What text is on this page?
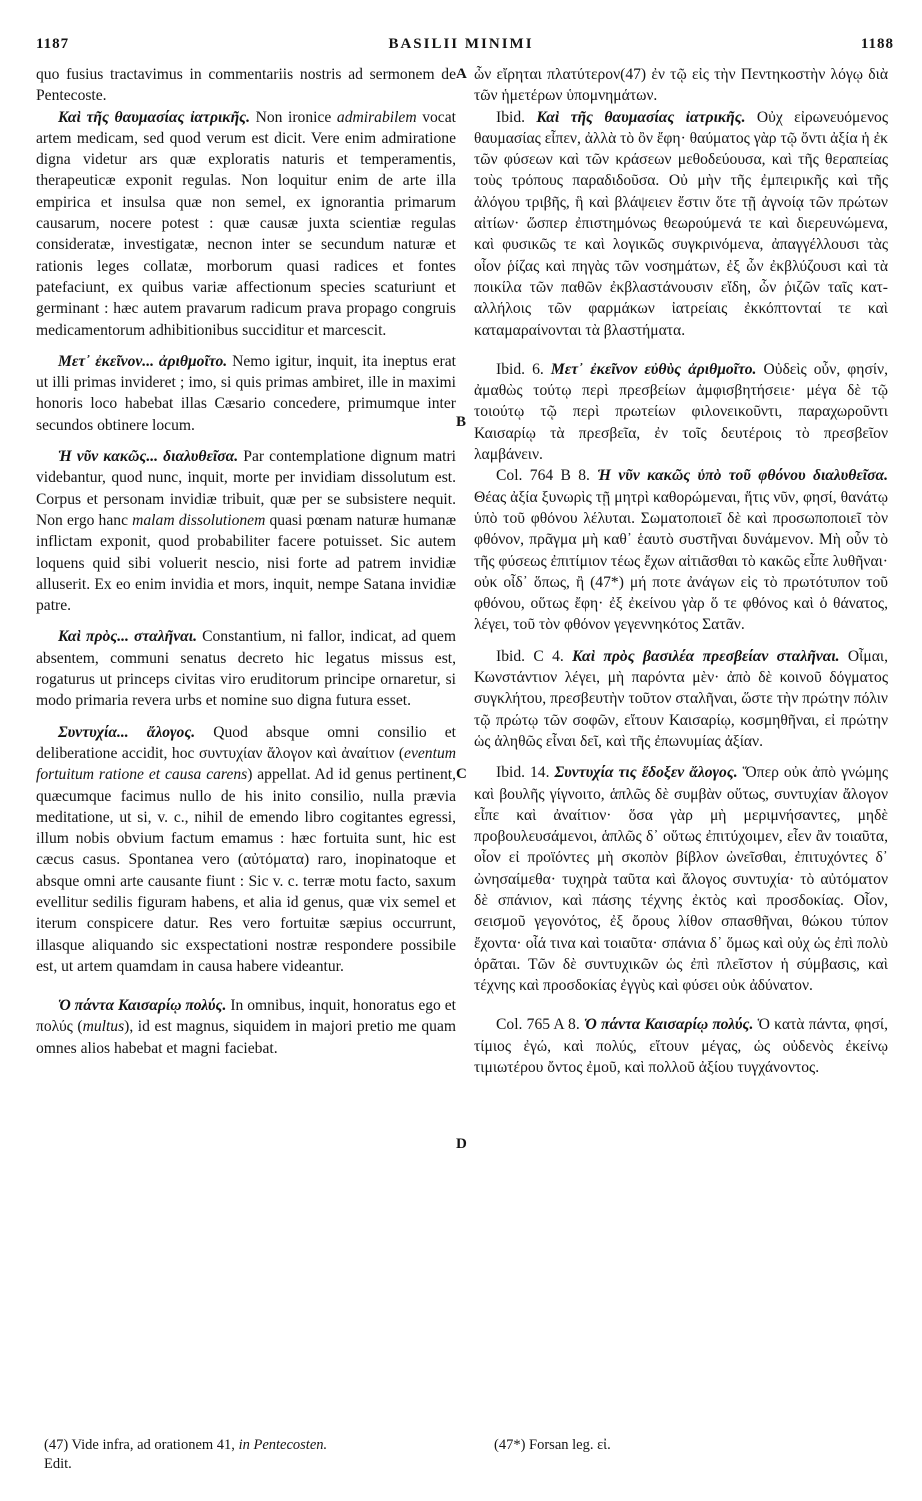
1187	BASILII MINIMI	1188
A
B
C
D

quo fusius tractavimus in commentariis nostris ad sermonem de Pentecoste.

Καὶ τῆς θαυμασίας ἰατρικῆς. Non ironice admirabilem vocat artem medicam, sed quod verum est dicit. Vere enim admiratione digna videtur ars quæ exploratis naturis et temperamentis, therapeuticæ exponit regulas. Non loquitur enim de arte illa empirica et insulsa quæ non semel, ex ignorantia primarum causarum, nocere potest : quæ causæ juxta scientiæ regulas consideratæ, investigatæ, necnon inter se secundum naturæ et rationis leges collatæ, morborum quasi radices et fontes patefaciunt, ex quibus variæ affectionum species scaturiunt et germinant : hæc autem pravarum radicum prava propago congruis medicamentorum adhibitionibus succiditur et marcescit.

Μετ᾽ ἐκεῖνον... ἀριθμοῖτο. Nemo igitur, inquit, ita ineptus erat ut illi primas invideret ; imo, si quis primas ambiret, ille in maximi honoris loco habebat illas Cæsario concedere, primumque inter secundos obtinere locum.

Ἡ νῦν κακῶς... διαλυθεῖσα. Par contemplatione dignum matri videbantur, quod nunc, inquit, morte per invidiam dissolutum est. Corpus et personam invidiæ tribuit, quæ per se subsistere nequit. Non ergo hanc malam dissolutionem quasi pœnam naturæ humanæ inflictam exponit, quod probabiliter facere potuisset. Sic autem loquens quid sibi voluerit nescio, nisi forte ad patrem invidiæ alluserit. Ex eo enim invidia et mors, inquit, nempe Satana invidiæ patre.

Καὶ πρὸς... σταλῆναι. Constantium, ni fallor, indicat, ad quem absentem, communi senatus decreto hic legatus missus est, rogaturus ut princeps civitas viro eruditorum principe ornaretur, si modo primaria revera urbs et nomine suo digna futura esset.

Συντυχία... ἄλογος. Quod absque omni consilio et deliberatione accidit, hoc συντυχίαν ἄλογον καὶ ἀναίτιον (eventum fortuitum ratione et causa carens) appellat. Ad id genus pertinent, quæcumque facimus nullo de his inito consilio, nulla prævia meditatione, ut si, v. c., nihil de emendo libro cogitantes egressi, illum nobis obvium factum emamus : hæc fortuita sunt, hic est cæcus casus. Spontanea vero (αὐτόματα) raro, inopinatoque et absque omni arte causante fiunt : Sic v. c. terræ motu facto, saxum evellitur sedilis figuram habens, et alia id genus, quæ vix semel et iterum conspicere datur. Res vero fortuitæ sæpius occurrunt, illasque aliquando sic exspectationi nostræ respondere possibile est, ut artem quamdam in causa habere videantur.

Ὁ πάντα Καισαρίῳ πολύς. In omnibus, inquit, honoratus ego et πολύς (multus), id est magnus, siquidem in majori pretio me quam omnes alios habebat et magni faciebat.

ὧν εἴρηται πλατύτερον(47) ἐν τῷ εἰς τὴν Πεντηκοστὴν λόγῳ διὰ τῶν ἡμετέρων ὑπομνημάτων.

Ibid. Καὶ τῆς θαυμασίας ἰατρικῆς. Οὐχ εἰρωνευόμενος θαυμασίας εἶπεν, ἀλλὰ τὸ ὂν ἔφη· θαύματος γὰρ τῷ ὄντι ἀξία ἡ ἐκ τῶν φύσεων καὶ τῶν κράσεων μεθοδεύουσα, καὶ τῆς θεραπείας τοὺς τρόπους παραδιδοῦσα. Οὐ μὴν τῆς ἐμπειρικῆς καὶ τῆς ἀλόγου τριβῆς, ἣ καὶ βλάψειεν ἔστιν ὅτε τῇ ἀγνοίᾳ τῶν πρώτων αἰτίων· ὥσπερ ἐπιστημόνως θεωρούμενά τε καὶ διερευνώμενα, καὶ φυσικῶς τε καὶ λογικῶς συγκρινόμενα, ἀπαγγέλλουσι τὰς οἷον ῥίζας καὶ πηγὰς τῶν νοσημάτων, ἐξ ὧν ἐκβλύζουσι καὶ τὰ ποικίλα τῶν παθῶν ἐκβλαστάνουσιν εἴδη, ὧν ῥιζῶν ταῖς κατ-αλλήλοις τῶν φαρμάκων ἰατρείαις ἐκκόπτονταί τε καὶ καταμαραίνονται τὰ βλαστήματα.

Ibid. 6. Μετ᾽ ἐκεῖνον εὐθὺς ἀριθμοῖτο. Οὐδεὶς οὖν, φησίν, ἀμαθὼς τούτῳ περὶ πρεσβείων ἀμφισβητήσειε· μέγα δὲ τῷ τοιούτῳ τῷ περὶ πρωτείων φιλονεικοῦντι, παραχωροῦντι Καισαρίῳ τὰ πρεσβεῖα, ἐν τοῖς δευτέροις τὸ πρεσβεῖον λαμβάνειν.

Col. 764 B 8. Ἡ νῦν κακῶς ὑπὸ τοῦ φθόνου διαλυθεῖσα. Θέας ἀξία ξυνωρὶς τῇ μητρὶ καθορώμεναι, ἥτις νῦν, φησί, θανάτῳ ὑπὸ τοῦ φθόνου λέλυται. Σωματοποιεῖ δὲ καὶ προσωποποιεῖ τὸν φθόνον, πρᾶγμα μὴ καθ᾽ ἑαυτὸ συστῆναι δυνάμενον. Μὴ οὖν τὸ τῆς φύσεως ἐπιτίμιον τέως ἔχων αἰτιᾶσθαι τὸ κακῶς εἶπε λυθῆναι· οὐκ οἶδ᾽ ὅπως, ἢ (47*) μή ποτε ἀνάγων εἰς τὸ πρωτότυπον τοῦ φθόνου, οὕτως ἔφη· ἐξ ἐκείνου γὰρ ὅ τε φθόνος καὶ ὁ θάνατος, λέγει, τοῦ τὸν φθόνον γεγεννηκότος Σατᾶν.

Ibid. C 4. Καὶ πρὸς βασιλέα πρεσβείαν σταλῆναι. Οἶμαι, Κωνστάντιον λέγει, μὴ παρόντα μὲν· ἀπὸ δὲ κοινοῦ δόγματος συγκλήτου, πρεσβευτὴν τοῦτον σταλῆναι, ὥστε τὴν πρώτην πόλιν τῷ πρώτῳ τῶν σοφῶν, εἴτουν Καισαρίῳ, κοσμηθῆναι, εἰ πρώτην ὡς ἀληθῶς εἶναι δεῖ, καὶ τῆς ἐπωνυμίας ἀξίαν.

Ibid. 14. Συντυχία τις ἔδοξεν ἄλογος. Ὅπερ οὐκ ἀπὸ γνώμης καὶ βουλῆς γίγνοιτο, ἁπλῶς δὲ συμβὰν οὕτως, συντυχίαν ἄλογον εἶπε καὶ ἀναίτιον· ὅσα γὰρ μὴ μεριμνήσαντες, μηδὲ προβουλευσάμενοι, ἁπλῶς δ᾽ οὕτως ἐπιτύχοιμεν, εἶεν ἂν τοιαῦτα, οἷον εἰ προϊόντες μὴ σκοπὸν βίβλον ὠνεῖσθαι, ἐπιτυχόντες δ᾽ ὠνησαίμεθα· τυχηρὰ ταῦτα καὶ ἄλογος συντυχία· τὸ αὐτόματον δὲ σπάνιον, καὶ πάσης τέχνης ἐκτὸς καὶ προσδοκίας. Οἷον, σεισμοῦ γεγονότος, ἐξ ὄρους λίθον σπασθῆναι, θώκου τύπον ἔχοντα· οἷά τινα καὶ τοιαῦτα· σπάνια δ᾽ ὅμως καὶ οὐχ ὡς ἐπὶ πολὺ ὁρᾶται. Τῶν δὲ συντυχικῶν ὡς ἐπὶ πλεῖστον ἡ σύμβασις, καὶ τέχνης καὶ προσδοκίας ἐγγὺς καὶ φύσει οὐκ ἀδύνατον.

Col. 765 A 8. Ὁ πάντα Καισαρίῳ πολύς. Ὁ κατὰ πάντα, φησί, τίμιος ἐγώ, καὶ πολύς, εἴτουν μέγας, ὡς οὐδενὸς ἐκείνῳ τιμιωτέρου ὄντος ἐμοῦ, καὶ πολλοῦ ἀξίου τυγχάνοντος.

(47) Vide infra, ad orationem 41, in Pentecosten.
Edit.
(47*) Forsan leg. εἰ.
